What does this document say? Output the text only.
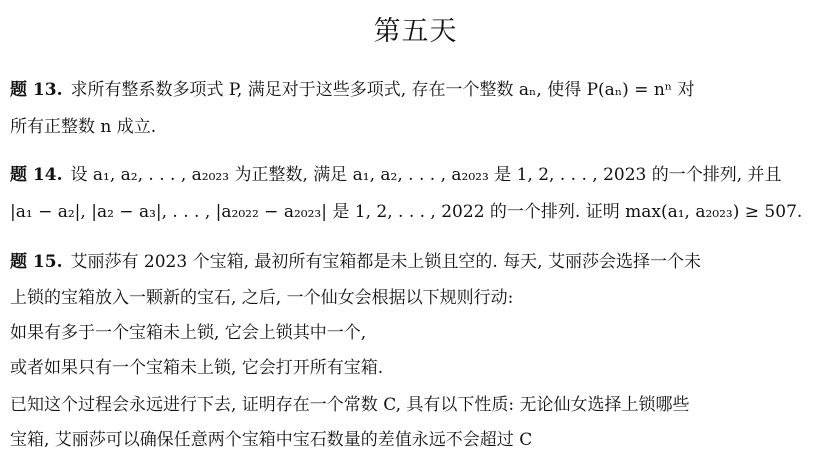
第五天
题 13. 求所有整系数多项式 P, 满足对于这些多项式, 存在一个整数 aₙ, 使得 P(aₙ) = nⁿ 对
所有正整数 n 成立.
题 14. 设 a₁, a₂, . . . , a₂₀₂₃ 为正整数, 满足 a₁, a₂, . . . , a₂₀₂₃ 是 1, 2, . . . , 2023 的一个排列, 并且
|a₁ − a₂|, |a₂ − a₃|, . . . , |a₂₀₂₂ − a₂₀₂₃| 是 1, 2, . . . , 2022 的一个排列. 证明 max(a₁, a₂₀₂₃) ≥ 507.
题 15. 艾丽莎有 2023 个宝箱, 最初所有宝箱都是未上锁且空的. 每天, 艾丽莎会选择一个未
上锁的宝箱放入一颗新的宝石, 之后, 一个仙女会根据以下规则行动:
如果有多于一个宝箱未上锁, 它会上锁其中一个,
或者如果只有一个宝箱未上锁, 它会打开所有宝箱.
已知这个过程会永远进行下去, 证明存在一个常数 C, 具有以下性质: 无论仙女选择上锁哪些
宝箱, 艾丽莎可以确保任意两个宝箱中宝石数量的差值永远不会超过 C
